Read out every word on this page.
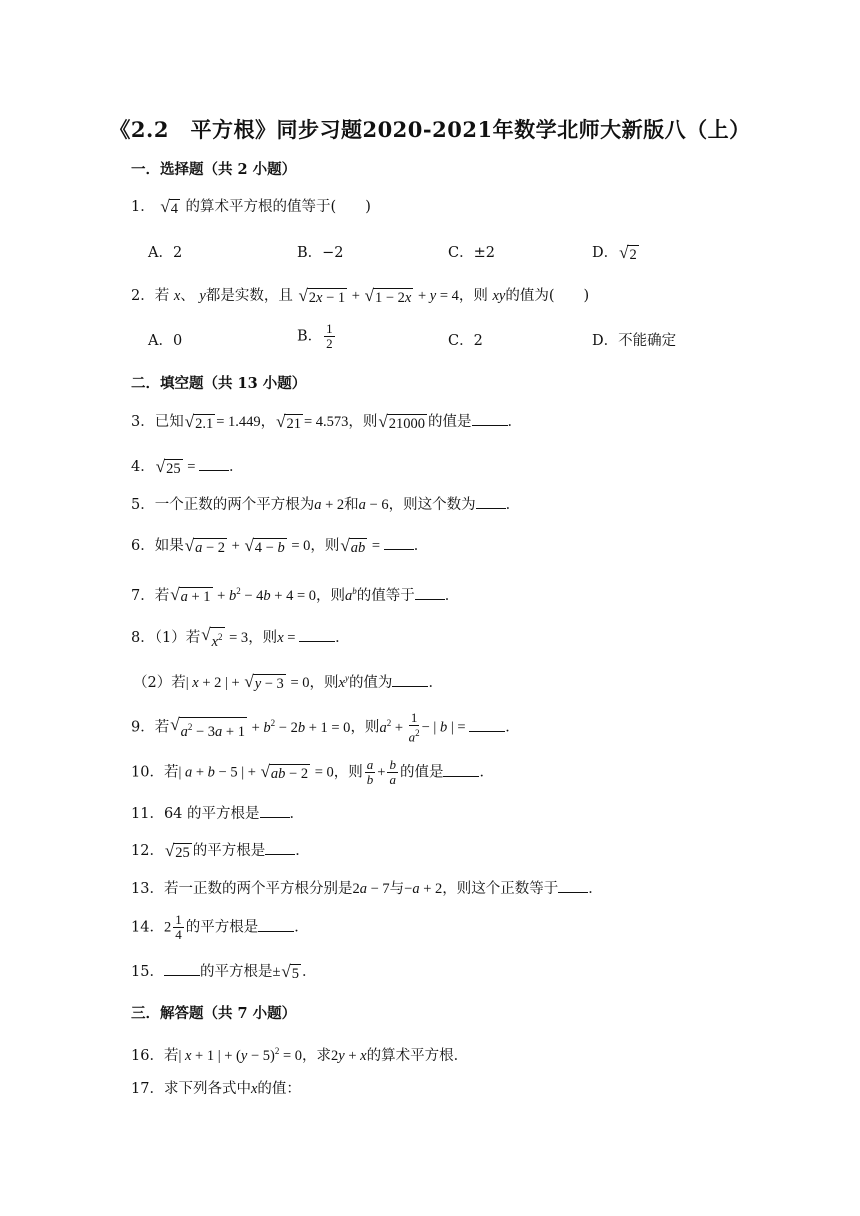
《2.2　平方根》同步习题2020-2021年数学北师大新版八（上）
一．选择题（共 2 小题）
1． √ 4 的算术平方根的值等于(　　)
A．2	B．−2	C．±2	D． √ 2
2．若 x、 y都是实数，且 √ 2x − 1 + √ 1 − 2x + y = 4，则 xy的值为(　　)
A．0	B． $\frac{1}{2}$	C．2	D．不能确定
二．填空题（共 13 小题）
3．已知 √ 2.1 = 1.449， √ 21 = 4.573，则 √ 21000 的值是 ．
4． √ 25 = ．
5．一个正数的两个平方根为a + 2和a − 6，则这个数为 ．
6．如果 √ a − 2 + √ 4 − b = 0，则 √ ab = ．
7．若 √ $a + 1 + b^2 - 4b + 4 = 0$，则$a^b$的值等于 ．
8．（1）若 √ $x^2 = 3$，则x = ．
（2）若| x + 2 | + √ y − 3 = 0，则$x^y$的值为 ．
9．若 √ $a^2 - 3a + 1 + b^2 - 2b + 1 = 0$，则$a^2 + \frac{1}{a^2}$ − | b | = ．
10．若| a + b − 5 | + √ ab − 2 = 0，则 $\frac{a}{b} + \frac{b}{a}$ 的值是 ．
11．64 的平方根是 ．
12． √ 25 的平方根是 ．
13．若一正数的两个平方根分别是2a − 7与−a + 2，则这个正数等于 ．
14．$2 \frac{1}{4}$ 的平方根是 ．
15． 的平方根是± √ 5 ．
三．解答题（共 7 小题）
16．若| x + 1 | + $(y - 5)^2 = 0$，求2y + x的算术平方根．
17．求下列各式中x的值：
